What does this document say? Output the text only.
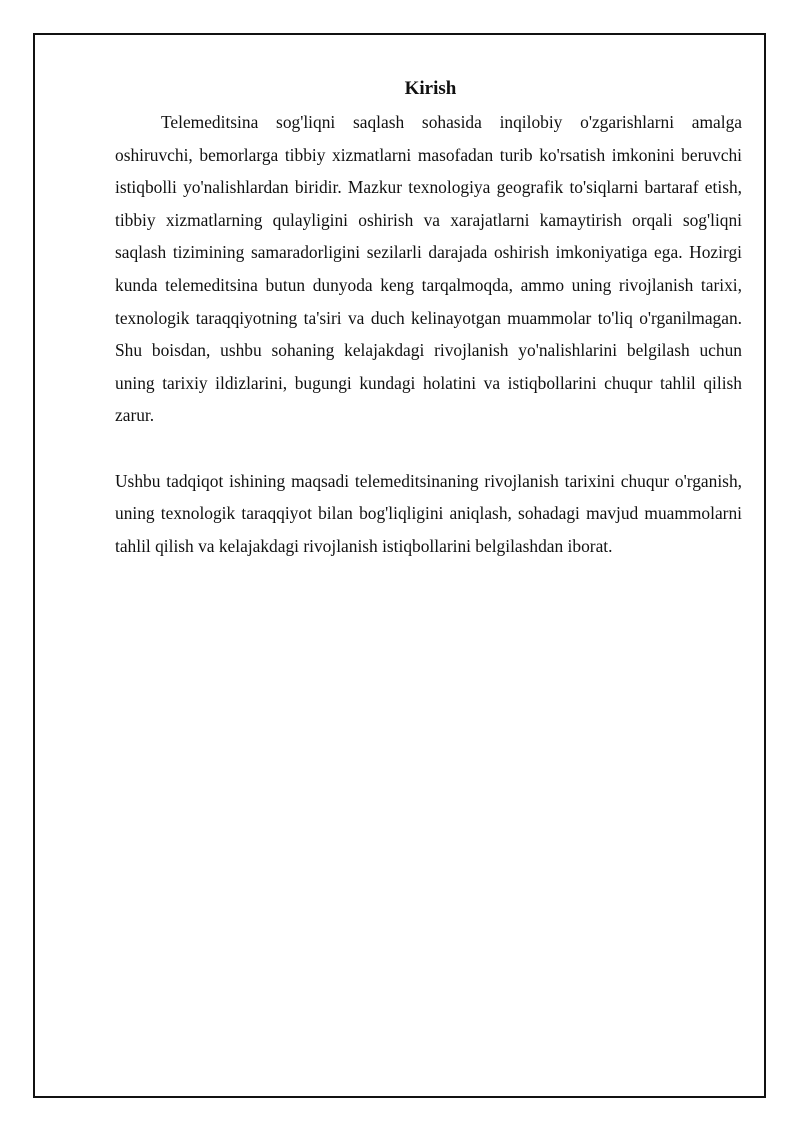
Kirish

Telemeditsina sog'liqni saqlash sohasida inqilobiy o'zgarishlarni amalga oshiruvchi, bemorlarga tibbiy xizmatlarni masofadan turib ko'rsatish imkonini beruvchi istiqbolli yo'nalishlardan biridir. Mazkur texnologiya geografik to'siqlarni bartaraf etish, tibbiy xizmatlarning qulayligini oshirish va xarajatlarni kamaytirish orqali sog'liqni saqlash tizimining samaradorligini sezilarli darajada oshirish imkoniyatiga ega. Hozirgi kunda telemeditsina butun dunyoda keng tarqalmoqda, ammo uning rivojlanish tarixi, texnologik taraqqiyotning ta'siri va duch kelinayotgan muammolar to'liq o'rganilmagan. Shu boisdan, ushbu sohaning kelajakdagi rivojlanish yo'nalishlarini belgilash uchun uning tarixiy ildizlarini, bugungi kundagi holatini va istiqbollarini chuqur tahlil qilish zarur.

Ushbu tadqiqot ishining maqsadi telemeditsinaning rivojlanish tarixini chuqur o'rganish, uning texnologik taraqqiyot bilan bog'liqligini aniqlash, sohadagi mavjud muammolarni tahlil qilish va kelajakdagi rivojlanish istiqbollarini belgilashdan iborat.
